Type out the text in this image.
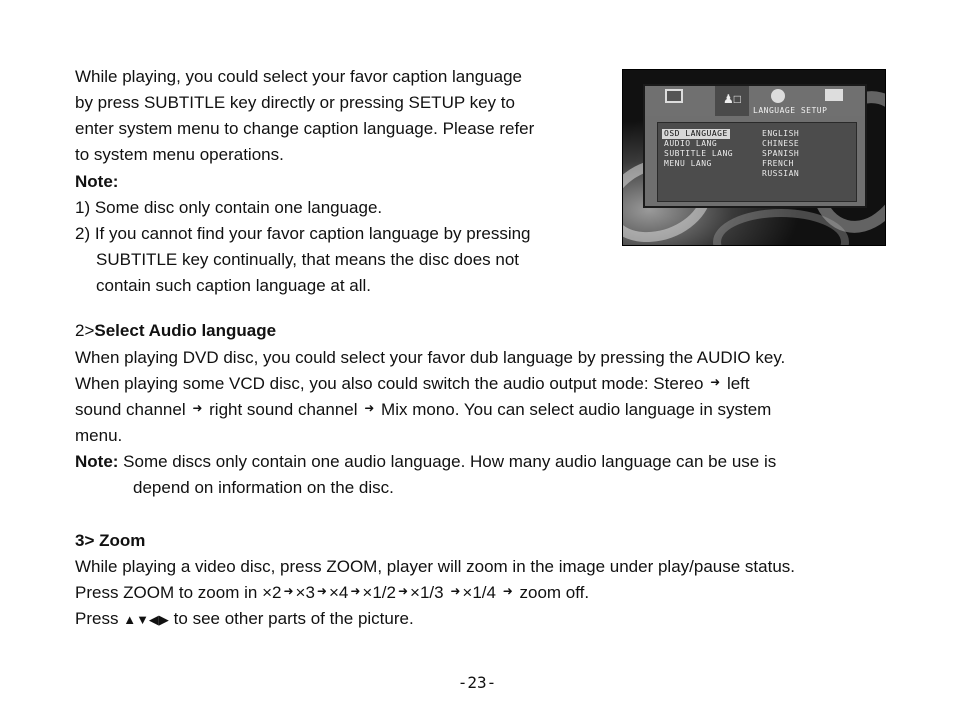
While playing, you could select your favor caption language
by press SUBTITLE key directly or pressing SETUP key to
enter system menu to change caption language. Please refer
to system menu operations.
Note:
1) Some disc only contain one language.
2) If you cannot find your favor caption language by pressing
SUBTITLE key continually, that means the disc does not
contain such caption language at all.
♟□
LANGUAGE SETUP
OSD LANGUAGE
AUDIO LANG
SUBTITLE LANG
MENU LANG
ENGLISH
CHINESE
SPANISH
FRENCH
RUSSIAN
2>Select Audio language
When playing DVD disc, you could select your favor dub language by pressing the AUDIO key.
When playing some VCD disc, you also could switch the audio output mode: Stereo ➜ left
sound channel ➜ right sound channel ➜ Mix mono. You can select audio language in system
menu.
Note: Some discs only contain one audio language. How many audio language can be use is
depend on information on the disc.
3> Zoom
While playing a video disc, press ZOOM, player will zoom in the image under play/pause status.
Press ZOOM to zoom in ×2 ➜ ×3 ➜ ×4 ➜ ×1/2 ➜ ×1/3 ➜ ×1/4 ➜ zoom off.
Press ▲▼◀▶ to see other parts of the picture.
-23-
